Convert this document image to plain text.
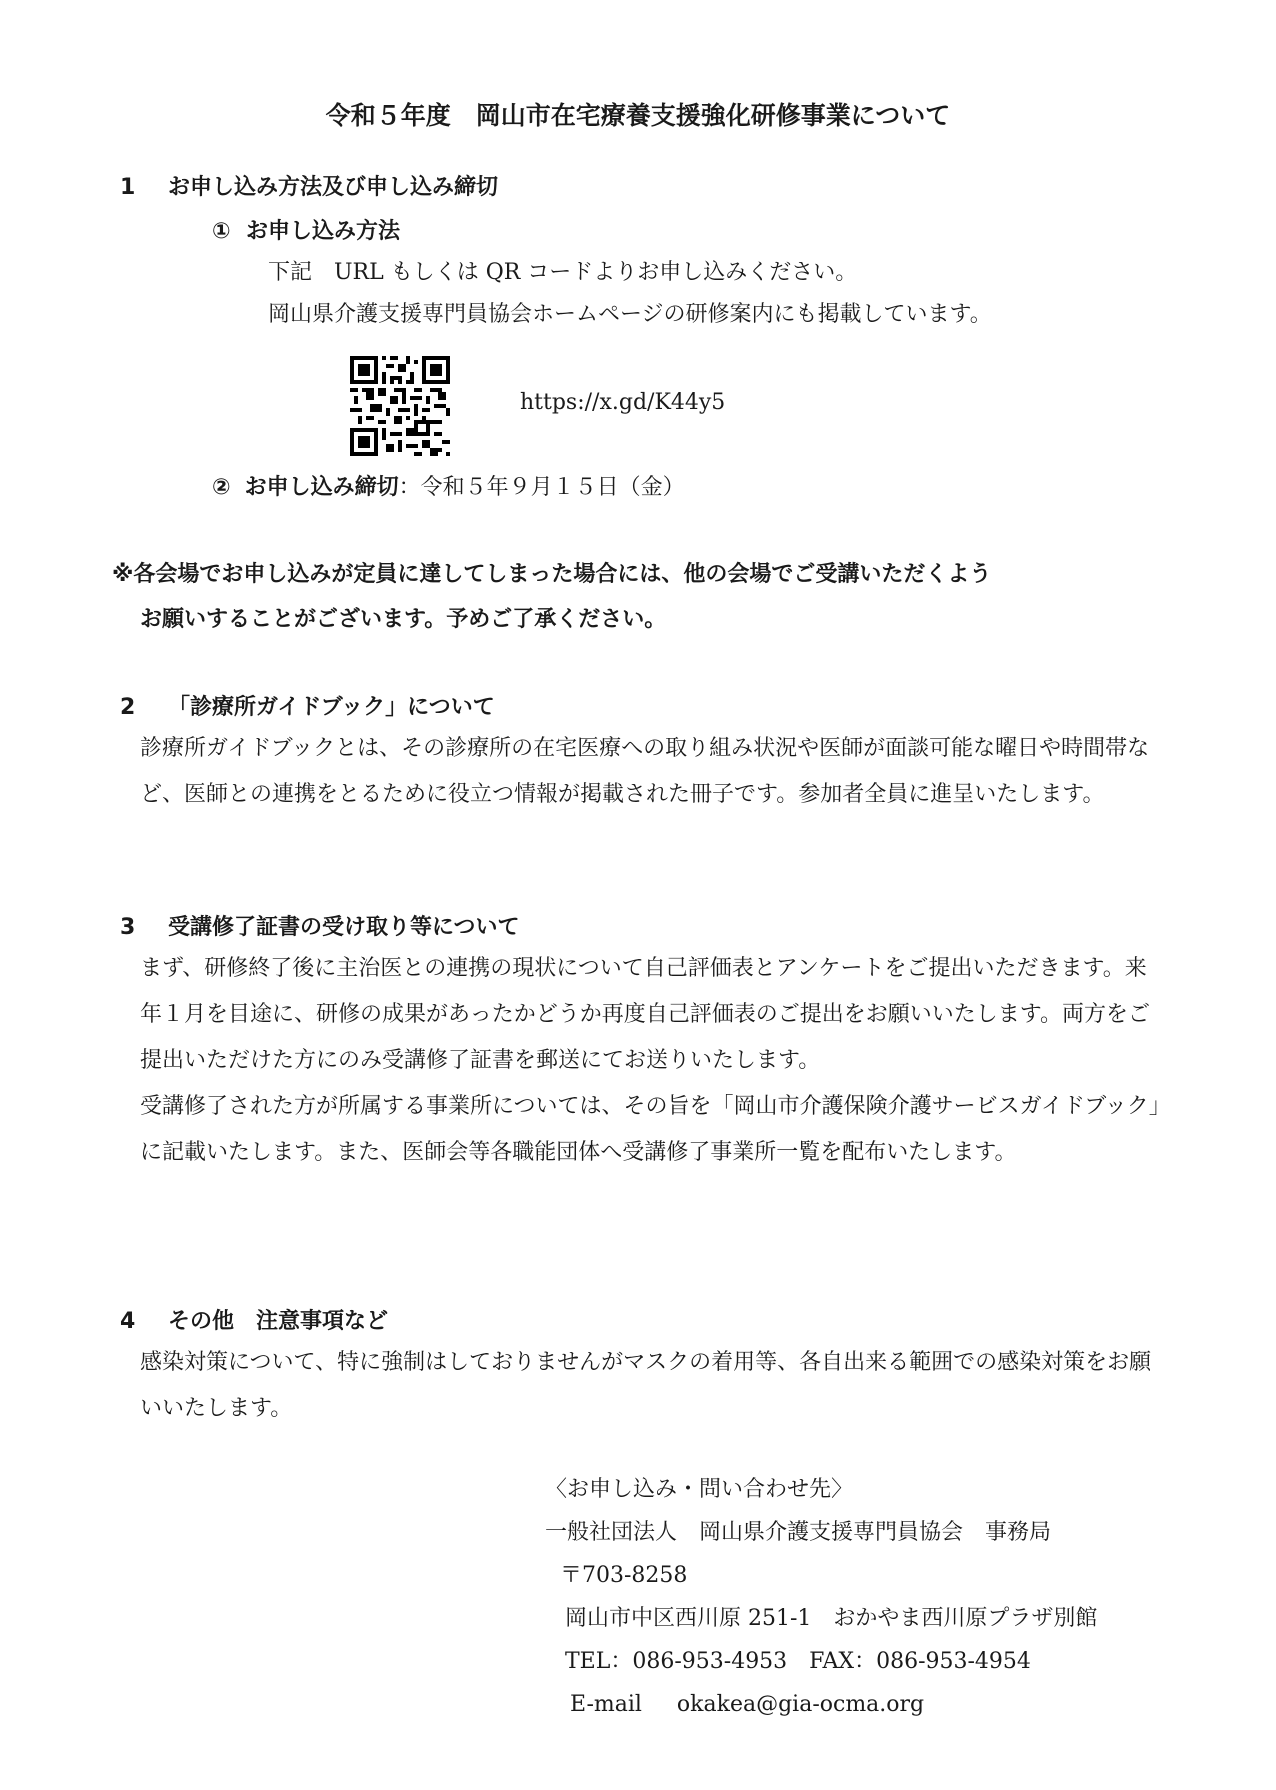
令和５年度　岡山市在宅療養支援強化研修事業について
1 お申し込み方法及び申し込み締切
① お申し込み方法
下記　URL もしくは QR コードよりお申し込みください。
岡山県介護支援専門員協会ホームページの研修案内にも掲載しています。
https://x.gd/K44y5
② お申し込み締切：令和５年９月１５日（金）
※各会場でお申し込みが定員に達してしまった場合には、他の会場でご受講いただくよう
お願いすることがございます。予めご了承ください。
2 「診療所ガイドブック」について

診療所ガイドブックとは、その診療所の在宅医療への取り組み状況や医師が面談可能な曜日や時間帯など、医師との連携をとるために役立つ情報が掲載された冊子です。参加者全員に進呈いたします。

3 受講修了証書の受け取り等について

まず、研修終了後に主治医との連携の現状について自己評価表とアンケートをご提出いただきます。来年１月を目途に、研修の成果があったかどうか再度自己評価表のご提出をお願いいたします。両方をご提出いただけた方にのみ受講修了証書を郵送にてお送りいたします。

受講修了された方が所属する事業所については、その旨を「岡山市介護保険介護サービスガイドブック」に記載いたします。また、医師会等各職能団体へ受講修了事業所一覧を配布いたします。

4 その他　注意事項など

感染対策について、特に強制はしておりませんがマスクの着用等、各自出来る範囲での感染対策をお願いいたします。

〈お申し込み・問い合わせ先〉
一般社団法人　岡山県介護支援専門員協会　事務局
〒703-8258
岡山市中区西川原 251-1　おかやま西川原プラザ別館
TEL：086-953-4953　FAX：086-953-4954
E-mail okakea@gia-ocma.org
